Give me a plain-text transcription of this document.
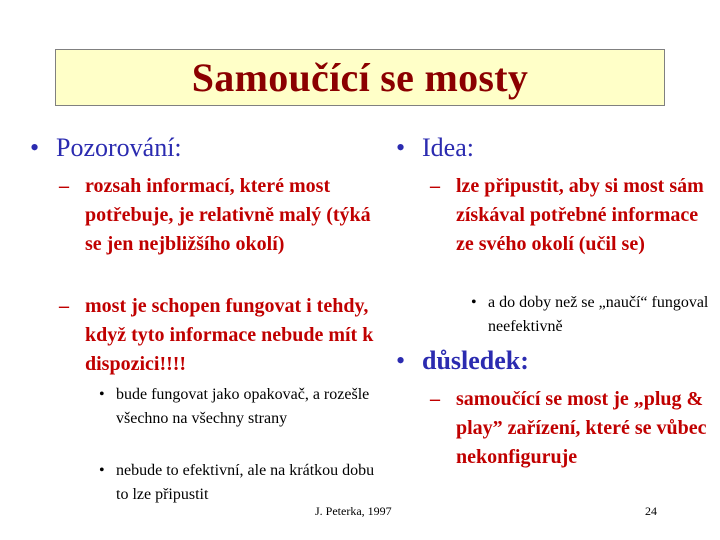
Samoučící se mosty
• Pozorování:
– rozsah informací, které most potřebuje, je relativně malý (týká se jen nejbližšího okolí)
– most je schopen fungovat i tehdy, když tyto informace nebude mít k dispozici!!!!
• bude fungovat jako opakovač, a rozešle všechno na všechny strany
• nebude to efektivní, ale na krátkou dobu to lze připustit
• Idea:
– lze připustit, aby si most sám získával potřebné informace ze svého okolí (učil se)
• a do doby než se „naučí“ fungoval neefektivně
• důsledek:
– samoučící se most je „plug & play” zařízení, které se vůbec nekonfiguruje
J. Peterka, 1997	24
